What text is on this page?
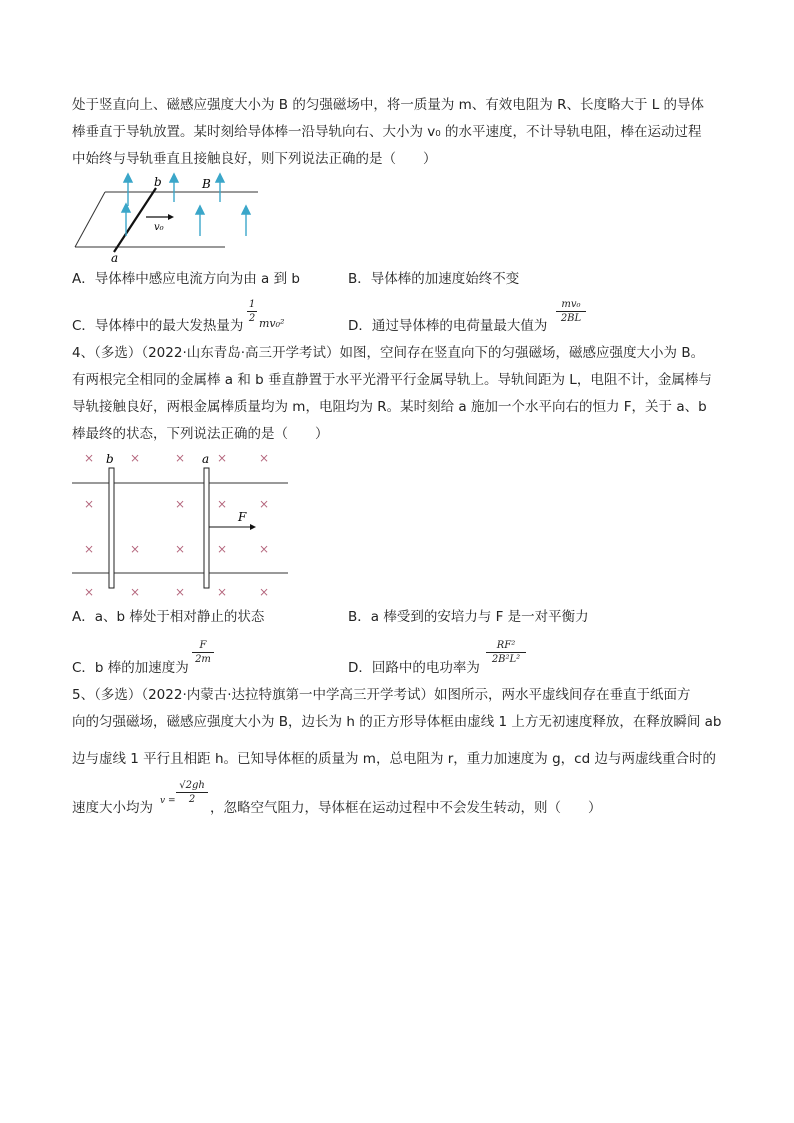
处于竖直向上、磁感应强度大小为 B 的匀强磁场中，将一质量为 m、有效电阻为 R、长度略大于 L 的导体
棒垂直于导轨放置。某时刻给导体棒一沿导轨向右、大小为 v₀ 的水平速度，不计导轨电阻，棒在运动过程
中始终与导轨垂直且接触良好，则下列说法正确的是（　　）
b	B
v₀
a
A．导体棒中感应电流方向为由 a 到 b	B．导体棒的加速度始终不变
C．导体棒中的最大发热量为
1
2 mv₀²	D．通过导体棒的电荷量最大值为
mv₀
2BL
4、（多选）（2022·山东青岛·高三开学考试）如图，空间存在竖直向下的匀强磁场，磁感应强度大小为 B。
有两根完全相同的金属棒 a 和 b 垂直静置于水平光滑平行金属导轨上。导轨间距为 L，电阻不计，金属棒与
导轨接触良好，两根金属棒质量均为 m，电阻均为 R。某时刻给 a 施加一个水平向右的恒力 F，关于 a、b
棒最终的状态，下列说法正确的是（　　）
×	×	×	×	×
×	×	×	×
×	×	×	×	×
×	×	×	×	×
F
b	a
A．a、b 棒处于相对静止的状态	B．a 棒受到的安培力与 F 是一对平衡力
C．b 棒的加速度为
F
2m
D．回路中的电功率为
RF²
2B²L²
5、（多选）（2022·内蒙古·达拉特旗第一中学高三开学考试）如图所示，两水平虚线间存在垂直于纸面方
向的匀强磁场，磁感应强度大小为 B，边长为 h 的正方形导体框由虚线 1 上方无初速度释放，在释放瞬间 ab
边与虚线 1 平行且相距 h。已知导体框的质量为 m，总电阻为 r，重力加速度为 g，cd 边与两虚线重合时的
速度大小均为 v =
√2gh
2
，忽略空气阻力，导体框在运动过程中不会发生转动，则（　　）
